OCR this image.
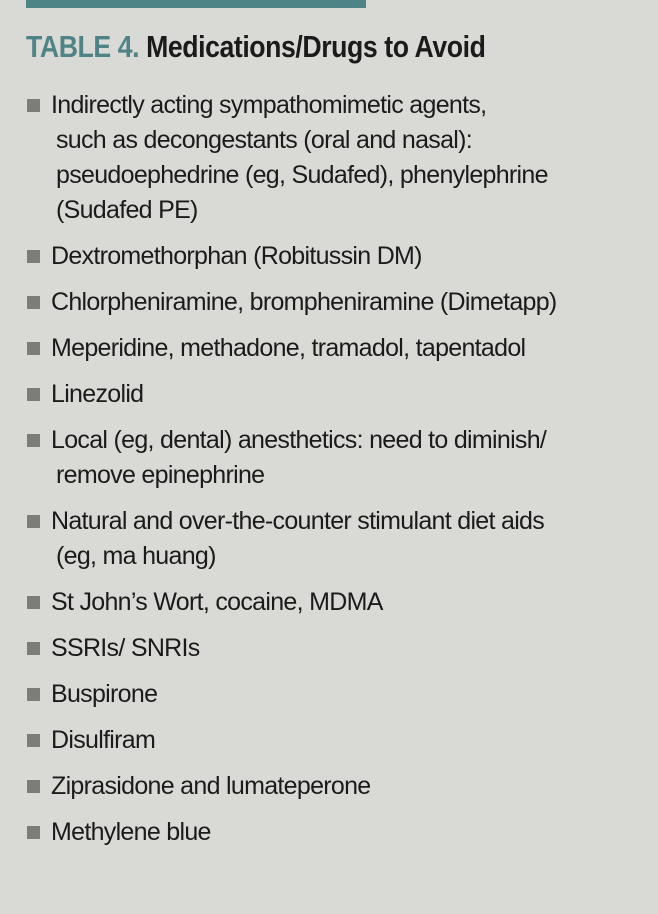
TABLE 4. Medications/Drugs to Avoid
Indirectly acting sympathomimetic agents,
such as decongestants (oral and nasal):
pseudoephedrine (eg, Sudafed), phenylephrine
(Sudafed PE)
Dextromethorphan (Robitussin DM)
Chlorpheniramine, brompheniramine (Dimetapp)
Meperidine, methadone, tramadol, tapentadol
Linezolid
Local (eg, dental) anesthetics: need to diminish/
remove epinephrine
Natural and over-the-counter stimulant diet aids
(eg, ma huang)
St John’s Wort, cocaine, MDMA
SSRIs/ SNRIs
Buspirone
Disulfiram
Ziprasidone and lumateperone
Methylene blue
